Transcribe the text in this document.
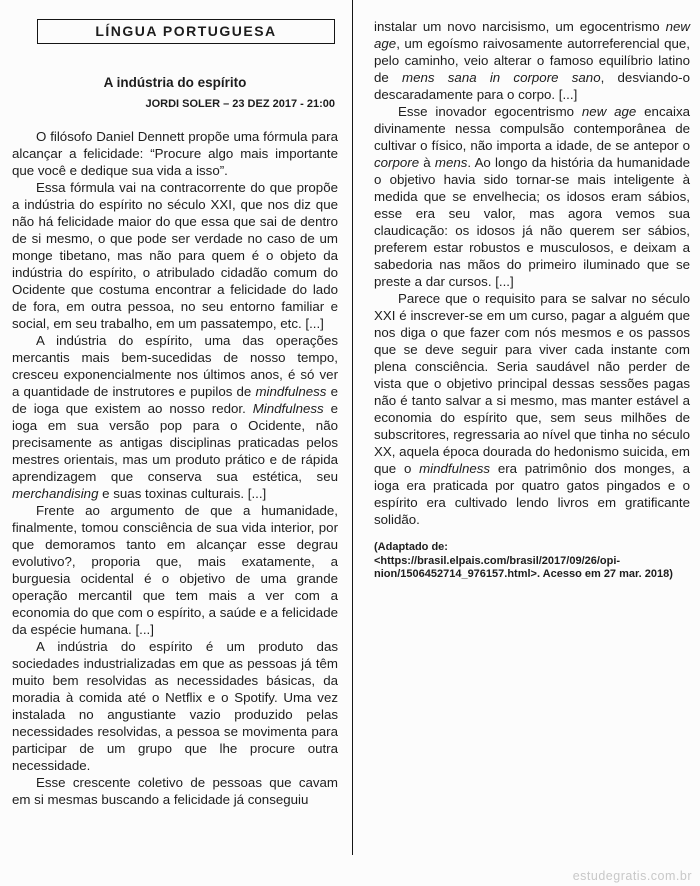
LÍNGUA PORTUGUESA
A indústria do espírito
JORDI SOLER – 23 DEZ 2017 - 21:00

O filósofo Daniel Dennett propõe uma fórmula para alcançar a felicidade: “Procure algo mais importante que você e dedique sua vida a isso”.

Essa fórmula vai na contracorrente do que propõe a indústria do espírito no século XXI, que nos diz que não há felicidade maior do que essa que sai de dentro de si mesmo, o que pode ser verdade no caso de um monge tibetano, mas não para quem é o objeto da indústria do espírito, o atribulado cidadão comum do Ocidente que costuma encontrar a felicidade do lado de fora, em outra pessoa, no seu entorno familiar e social, em seu trabalho, em um passatempo, etc. [...]

A indústria do espírito, uma das operações mercantis mais bem-sucedidas de nosso tempo, cresceu exponencialmente nos últimos anos, é só ver a quantidade de instrutores e pupilos de mindfulness e de ioga que existem ao nosso redor. Mindfulness e ioga em sua versão pop para o Ocidente, não precisamente as antigas disciplinas praticadas pelos mestres orientais, mas um produto prático e de rápida aprendizagem que conserva sua estética, seu merchandising e suas toxinas culturais. [...]

Frente ao argumento de que a humanidade, finalmente, tomou consciência de sua vida interior, por que demoramos tanto em alcançar esse degrau evolutivo?, proporia que, mais exatamente, a burguesia ocidental é o objetivo de uma grande operação mercantil que tem mais a ver com a economia do que com o espírito, a saúde e a felicidade da espécie humana. [...]

A indústria do espírito é um produto das sociedades industrializadas em que as pessoas já têm muito bem resolvidas as necessidades básicas, da moradia à comida até o Netflix e o Spotify. Uma vez instalada no angustiante vazio produzido pelas necessidades resolvidas, a pessoa se movimenta para participar de um grupo que lhe procure outra necessidade.

Esse crescente coletivo de pessoas que cavam em si mesmas buscando a felicidade já conseguiu

instalar um novo narcisismo, um egocentrismo new age, um egoísmo raivosamente autorreferencial que, pelo caminho, veio alterar o famoso equilíbrio latino de mens sana in corpore sano, desviando-o descaradamente para o corpo. [...]

Esse inovador egocentrismo new age encaixa divinamente nessa compulsão contemporânea de cultivar o físico, não importa a idade, de se antepor o corpore à mens. Ao longo da história da humanidade o objetivo havia sido tornar-se mais inteligente à medida que se envelhecia; os idosos eram sábios, esse era seu valor, mas agora vemos sua claudicação: os idosos já não querem ser sábios, preferem estar robustos e musculosos, e deixam a sabedoria nas mãos do primeiro iluminado que se preste a dar cursos. [...]

Parece que o requisito para se salvar no século XXI é inscrever-se em um curso, pagar a alguém que nos diga o que fazer com nós mesmos e os passos que se deve seguir para viver cada instante com plena consciência. Seria saudável não perder de vista que o objetivo principal dessas sessões pagas não é tanto salvar a si mesmo, mas manter estável a economia do espírito que, sem seus milhões de subscritores, regressaria ao nível que tinha no século XX, aquela época dourada do hedonismo suicida, em que o mindfulness era patrimônio dos monges, a ioga era praticada por quatro gatos pingados e o espírito era cultivado lendo livros em gratificante solidão.

(Adaptado de: <https://brasil.elpais.com/brasil/2017/09/26/opi-
nion/1506452714_976157.html>. Acesso em 27 mar. 2018)
estudegratis.com.br
